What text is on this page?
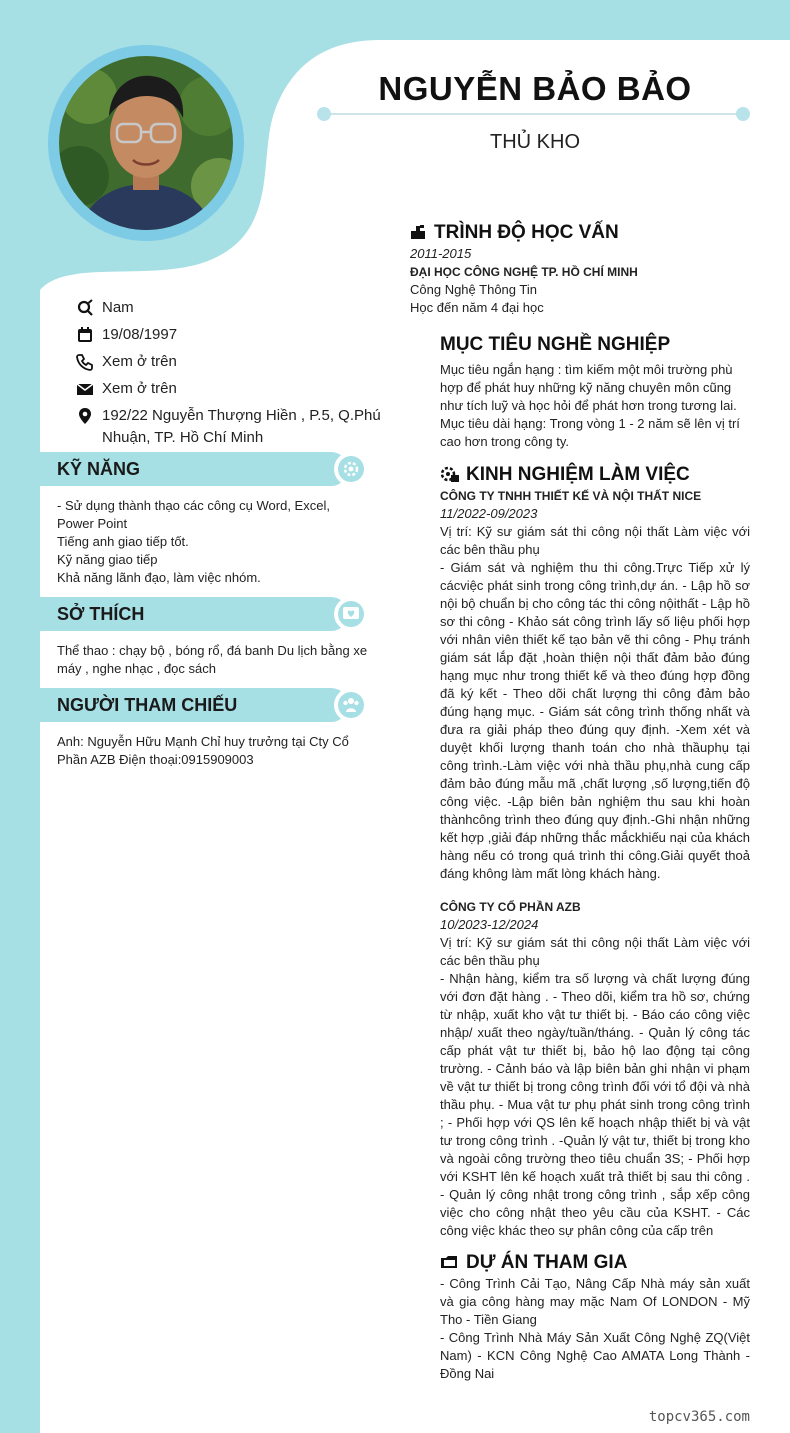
NGUYỄN BẢO BẢO
THỦ KHO
Nam
19/08/1997
Xem ở trên
Xem ở trên
192/22 Nguyễn Thượng Hiền , P.5, Q.Phú Nhuận, TP. Hồ Chí Minh
KỸ NĂNG
- Sử dụng thành thạo các công cụ Word, Excel, Power Point
Tiếng anh giao tiếp tốt.
Kỹ năng giao tiếp
Khả năng lãnh đạo, làm việc nhóm.
SỞ THÍCH
Thể thao : chạy bộ , bóng rổ, đá banh Du lịch bằng xe máy , nghe nhạc , đọc sách
NGƯỜI THAM CHIẾU
Anh: Nguyễn Hữu Mạnh Chỉ huy trưởng tại Cty Cổ Phần AZB Điện thoại:0915909003
TRÌNH ĐỘ HỌC VẤN
2011-2015
ĐẠI HỌC CÔNG NGHỆ TP. HỒ CHÍ MINH
Công Nghệ Thông Tin
Học đến năm 4 đại học
MỤC TIÊU NGHỀ NGHIỆP
Mục tiêu ngắn hạng : tìm kiếm một môi trường phù hợp để phát huy những kỹ năng chuyên môn cũng như tích luỹ và học hỏi để phát hơn trong tương lai. Mục tiêu dài hạng: Trong vòng 1 - 2 năm sẽ lên vị trí cao hơn trong công ty.
KINH NGHIỆM LÀM VIỆC
CÔNG TY TNHH THIẾT KẾ VÀ NỘI THẤT NICE
11/2022-09/2023
Vị trí: Kỹ sư giám sát thi công nội thất Làm việc với các bên thầu phụ
- Giám sát và nghiệm thu thi công.Trực Tiếp xử lý cácviệc phát sinh trong công trình,dự án. - Lập hồ sơ nội bộ chuẩn bị cho công tác thi công nộithất - Lập hồ sơ thi công - Khảo sát công trình lấy số liệu phối hợp với nhân viên thiết kế tạo bản vẽ thi công - Phụ tránh giám sát lắp đặt ,hoàn thiện nội thất đảm bảo đúng hạng mục như trong thiết kế và theo đúng hợp đồng đã ký kết - Theo dõi chất lượng thi công đảm bảo đúng hạng mục. - Giám sát công trình thống nhất và đưa ra giải pháp theo đúng quy định. -Xem xét và duyệt khối lượng thanh toán cho nhà thầuphụ tại công trình.-Làm việc với nhà thầu phụ,nhà cung cấp đảm bảo đúng mẫu mã ,chất lượng ,số lượng,tiến độ công việc. -Lập biên bản nghiệm thu sau khi hoàn thànhcông trình theo đúng quy định.-Ghi nhận những kết hợp ,giải đáp những thắc mắckhiếu nại của khách hàng nếu có trong quá trình thi công.Giải quyết thoả đáng không làm mất lòng khách hàng.
CÔNG TY CỔ PHẦN AZB
10/2023-12/2024
Vị trí: Kỹ sư giám sát thi công nội thất Làm việc với các bên thầu phụ
- Nhận hàng, kiểm tra số lượng và chất lượng đúng với đơn đặt hàng . - Theo dõi, kiểm tra hồ sơ, chứng từ nhập, xuất kho vật tư thiết bị. - Báo cáo công việc nhập/ xuất theo ngày/tuần/tháng. - Quản lý công tác cấp phát vật tư thiết bị, bảo hộ lao động tại công trường. - Cảnh báo và lập biên bản ghi nhận vi phạm về vật tư thiết bị trong công trình đối với tổ đội và nhà thầu phụ. - Mua vật tư phụ phát sinh trong công trình ; - Phối hợp với QS lên kế hoạch nhập thiết bị và vật tư trong công trình . -Quản lý vật tư, thiết bị trong kho và ngoài công trường theo tiêu chuẩn 3S; - Phối hợp với KSHT lên kế hoạch xuất trả thiết bị sau thi công . - Quản lý công nhật trong công trình , sắp xếp công việc cho công nhật theo yêu cầu của KSHT. - Các công việc khác theo sự phân công của cấp trên
DỰ ÁN THAM GIA
- Công Trình Cải Tạo, Nâng Cấp Nhà máy sản xuất và gia công hàng may mặc Nam Of LONDON - Mỹ Tho - Tiền Giang
- Công Trình Nhà Máy Sản Xuất Công Nghệ ZQ(Việt Nam) - KCN Công Nghệ Cao AMATA Long Thành - Đồng Nai
topcv365.com
